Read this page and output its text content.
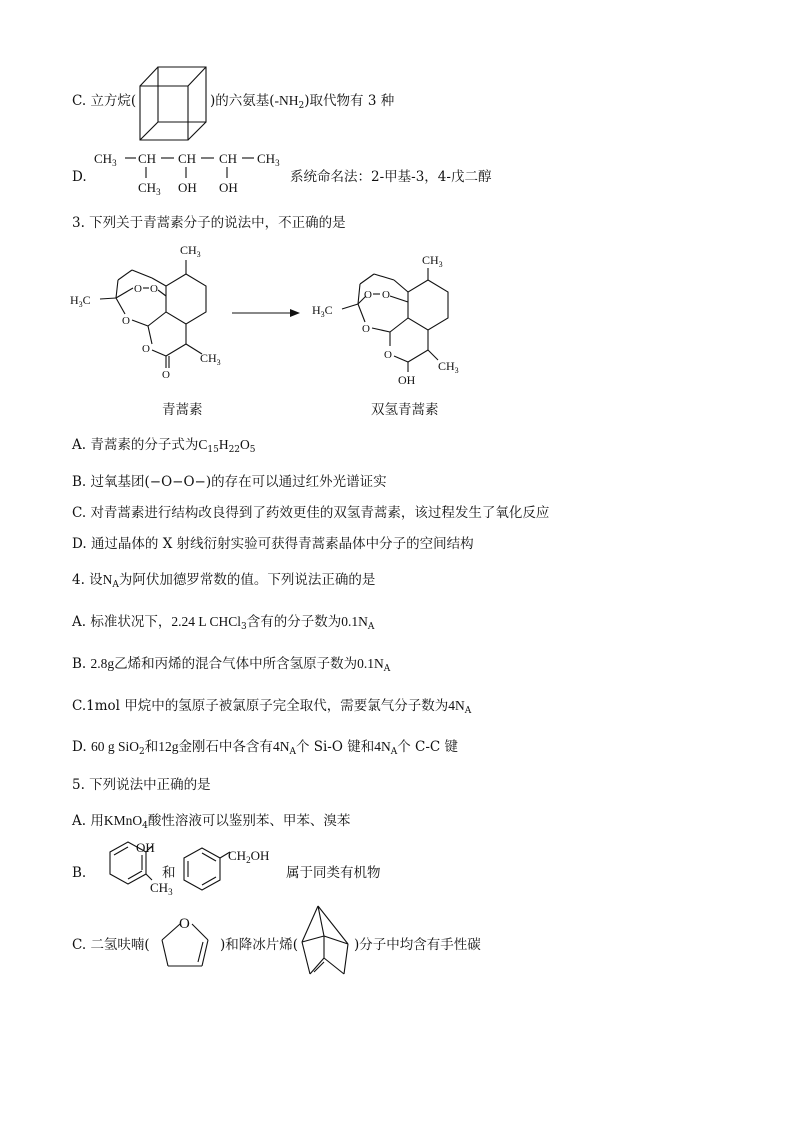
C. 立方烷(	)的六氨基$(-NH_2)$取代物有 3 种
D.
$CH_3$ CH CH CH $CH_3$
$CH_3$ OH OH
系统命名法：2-甲基-3，4-戊二醇
3. 下列关于青蒿素分子的说法中，不正确的是
$CH_3$
O O
$H_3C$
O
O
O
$CH_3$
$CH_3$
O O
$H_3C$
O
O
OH
$CH_3$
青蒿素	双氢青蒿素
A. 青蒿素的分子式为$C_{15}H_{22}O_5$
B. 过氧基团(−O−O−)的存在可以通过红外光谱证实
C. 对青蒿素进行结构改良得到了药效更佳的双氢青蒿素，该过程发生了氧化反应
D. 通过晶体的 X 射线衍射实验可获得青蒿素晶体中分子的空间结构
4. 设$N_A$为阿伏加德罗常数的值。下列说法正确的是
A. 标准状况下，2.24 L CHCl$_3$含有的分子数为$0.1N_A$
B. 2.8g乙烯和丙烯的混合气体中所含氢原子数为$0.1N_A$
C.1mol 甲烷中的氢原子被氯原子完全取代，需要氯气分子数为$4N_A$
D. 60 g SiO$_2$和12g金刚石中各含有$4N_A$个 Si-O 键和$4N_A$个 C-C 键
5. 下列说法中正确的是
A. 用KMnO$_4$酸性溶液可以鉴别苯、甲苯、溴苯
B.
OH
$CH_3$
和
$CH_2OH$
属于同类有机物
C. 二氢呋喃(
O
)和降冰片烯(	)分子中均含有手性碳
